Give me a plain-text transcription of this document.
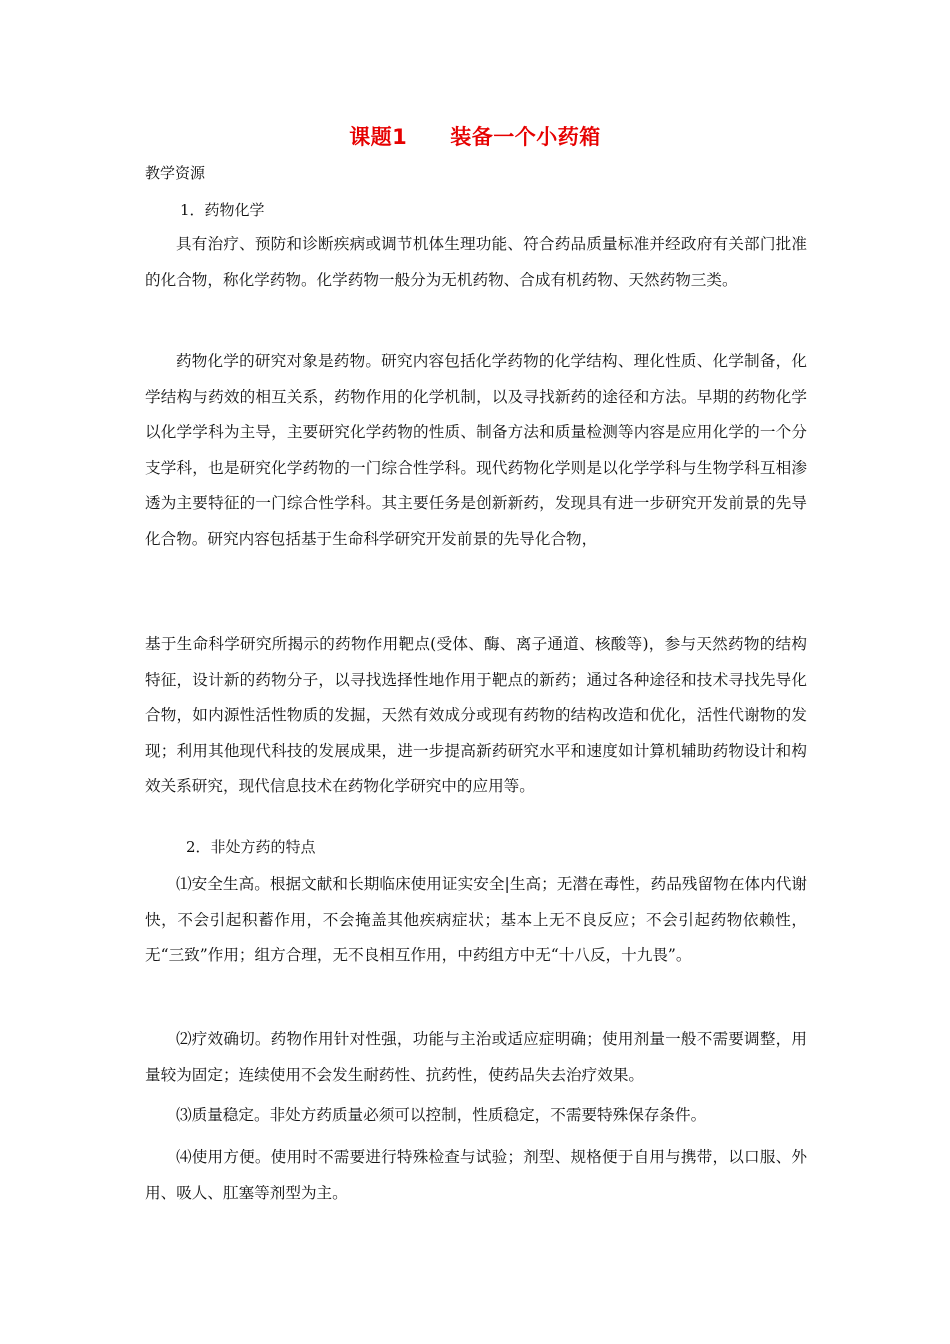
课题1　　装备一个小药箱
教学资源
1．药物化学

具有治疗、预防和诊断疾病或调节机体生理功能、符合药品质量标准并经政府有关部门批准的化合物，称化学药物。化学药物一般分为无机药物、合成有机药物、天然药物三类。

药物化学的研究对象是药物。研究内容包括化学药物的化学结构、理化性质、化学制备，化学结构与药效的相互关系，药物作用的化学机制，以及寻找新药的途径和方法。早期的药物化学以化学学科为主导，主要研究化学药物的性质、制备方法和质量检测等内容是应用化学的一个分支学科，也是研究化学药物的一门综合性学科。现代药物化学则是以化学学科与生物学科互相渗透为主要特征的一门综合性学科。其主要任务是创新新药，发现具有进一步研究开发前景的先导化合物。研究内容包括基于生命科学研究开发前景的先导化合物，

基于生命科学研究所揭示的药物作用靶点(受体、酶、离子通道、核酸等)，参与天然药物的结构特征，设计新的药物分子，以寻找选择性地作用于靶点的新药；通过各种途径和技术寻找先导化合物，如内源性活性物质的发掘，天然有效成分或现有药物的结构改造和优化，活性代谢物的发现；利用其他现代科技的发展成果，进一步提高新药研究水平和速度如计算机辅助药物设计和构效关系研究，现代信息技术在药物化学研究中的应用等。

2．非处方药的特点

⑴安全生高。根据文献和长期临床使用证实安全|生高；无潜在毒性，药品残留物在体内代谢快，不会引起积蓄作用，不会掩盖其他疾病症状；基本上无不良反应；不会引起药物依赖性，无“三致”作用；组方合理，无不良相互作用，中药组方中无“十八反，十九畏”。

⑵疗效确切。药物作用针对性强，功能与主治或适应症明确；使用剂量一般不需要调整，用量较为固定；连续使用不会发生耐药性、抗药性，使药品失去治疗效果。

⑶质量稳定。非处方药质量必须可以控制，性质稳定，不需要特殊保存条件。

⑷使用方便。使用时不需要进行特殊检查与试验；剂型、规格便于自用与携带，以口服、外用、吸人、肛塞等剂型为主。
